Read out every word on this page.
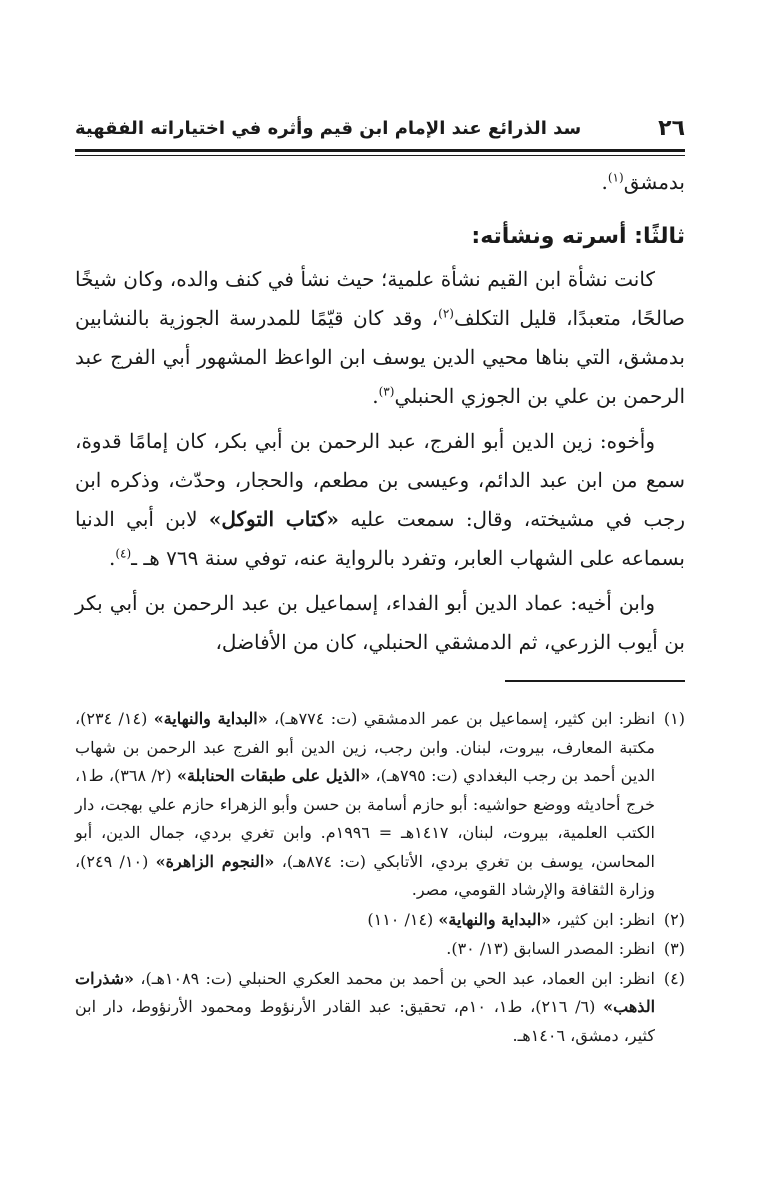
٢٦
سد الذرائع عند الإمام ابن قيم وأثره في اختياراته الفقهية

بدمشق$^{(١)}$.

ثالثًا: أسرته ونشأته:

كانت نشأة ابن القيم نشأة علمية؛ حيث نشأ في كنف والده، وكان شيخًا صالحًا، متعبدًا، قليل التكلف$^{(٢)}$، وقد كان قيّمًا للمدرسة الجوزية بالنشابين بدمشق، التي بناها محيي الدين يوسف ابن الواعظ المشهور أبي الفرج عبد الرحمن بن علي بن الجوزي الحنبلي$^{(٣)}$.

وأخوه: زين الدين أبو الفرج، عبد الرحمن بن أبي بكر، كان إمامًا قدوة، سمع من ابن عبد الدائم، وعيسى بن مطعم، والحجار، وحدّث، وذكره ابن رجب في مشيخته، وقال: سمعت عليه «كتاب التوكل» لابن أبي الدنيا بسماعه على الشهاب العابر، وتفرد بالرواية عنه، توفي سنة ٧٦٩ هـ ـ$^{(٤)}$.

وابن أخيه: عماد الدين أبو الفداء، إسماعيل بن عبد الرحمن بن أبي بكر بن أيوب الزرعي، ثم الدمشقي الحنبلي، كان من الأفاضل،

(١)
انظر: ابن كثير، إسماعيل بن عمر الدمشقي (ت: ٧٧٤هـ)، «البداية والنهاية» (١٤/ ٢٣٤)، مكتبة المعارف، بيروت، لبنان. وابن رجب، زين الدين أبو الفرج عبد الرحمن بن شهاب الدين أحمد بن رجب البغدادي (ت: ٧٩٥هـ)، «الذيل على طبقات الحنابلة» (٢/ ٣٦٨)، ط١، خرج أحاديثه ووضع حواشيه: أبو حازم أسامة بن حسن وأبو الزهراء حازم علي بهجت، دار الكتب العلمية، بيروت، لبنان، ١٤١٧هـ = ١٩٩٦م. وابن تغري بردي، جمال الدين، أبو المحاسن، يوسف بن تغري بردي، الأتابكي (ت: ٨٧٤هـ)، «النجوم الزاهرة» (١٠/ ٢٤٩)، وزارة الثقافة والإرشاد القومي، مصر.
(٢)
انظر: ابن كثير، «البداية والنهاية» (١٤/ ١١٠)
(٣)
انظر: المصدر السابق (١٣/ ٣٠).
(٤)
انظر: ابن العماد، عبد الحي بن أحمد بن محمد العكري الحنبلي (ت: ١٠٨٩هـ)، «شذرات الذهب» (٦/ ٢١٦)، ط١، ١٠م، تحقيق: عبد القادر الأرنؤوط ومحمود الأرنؤوط، دار ابن كثير، دمشق، ١٤٠٦هـ.
